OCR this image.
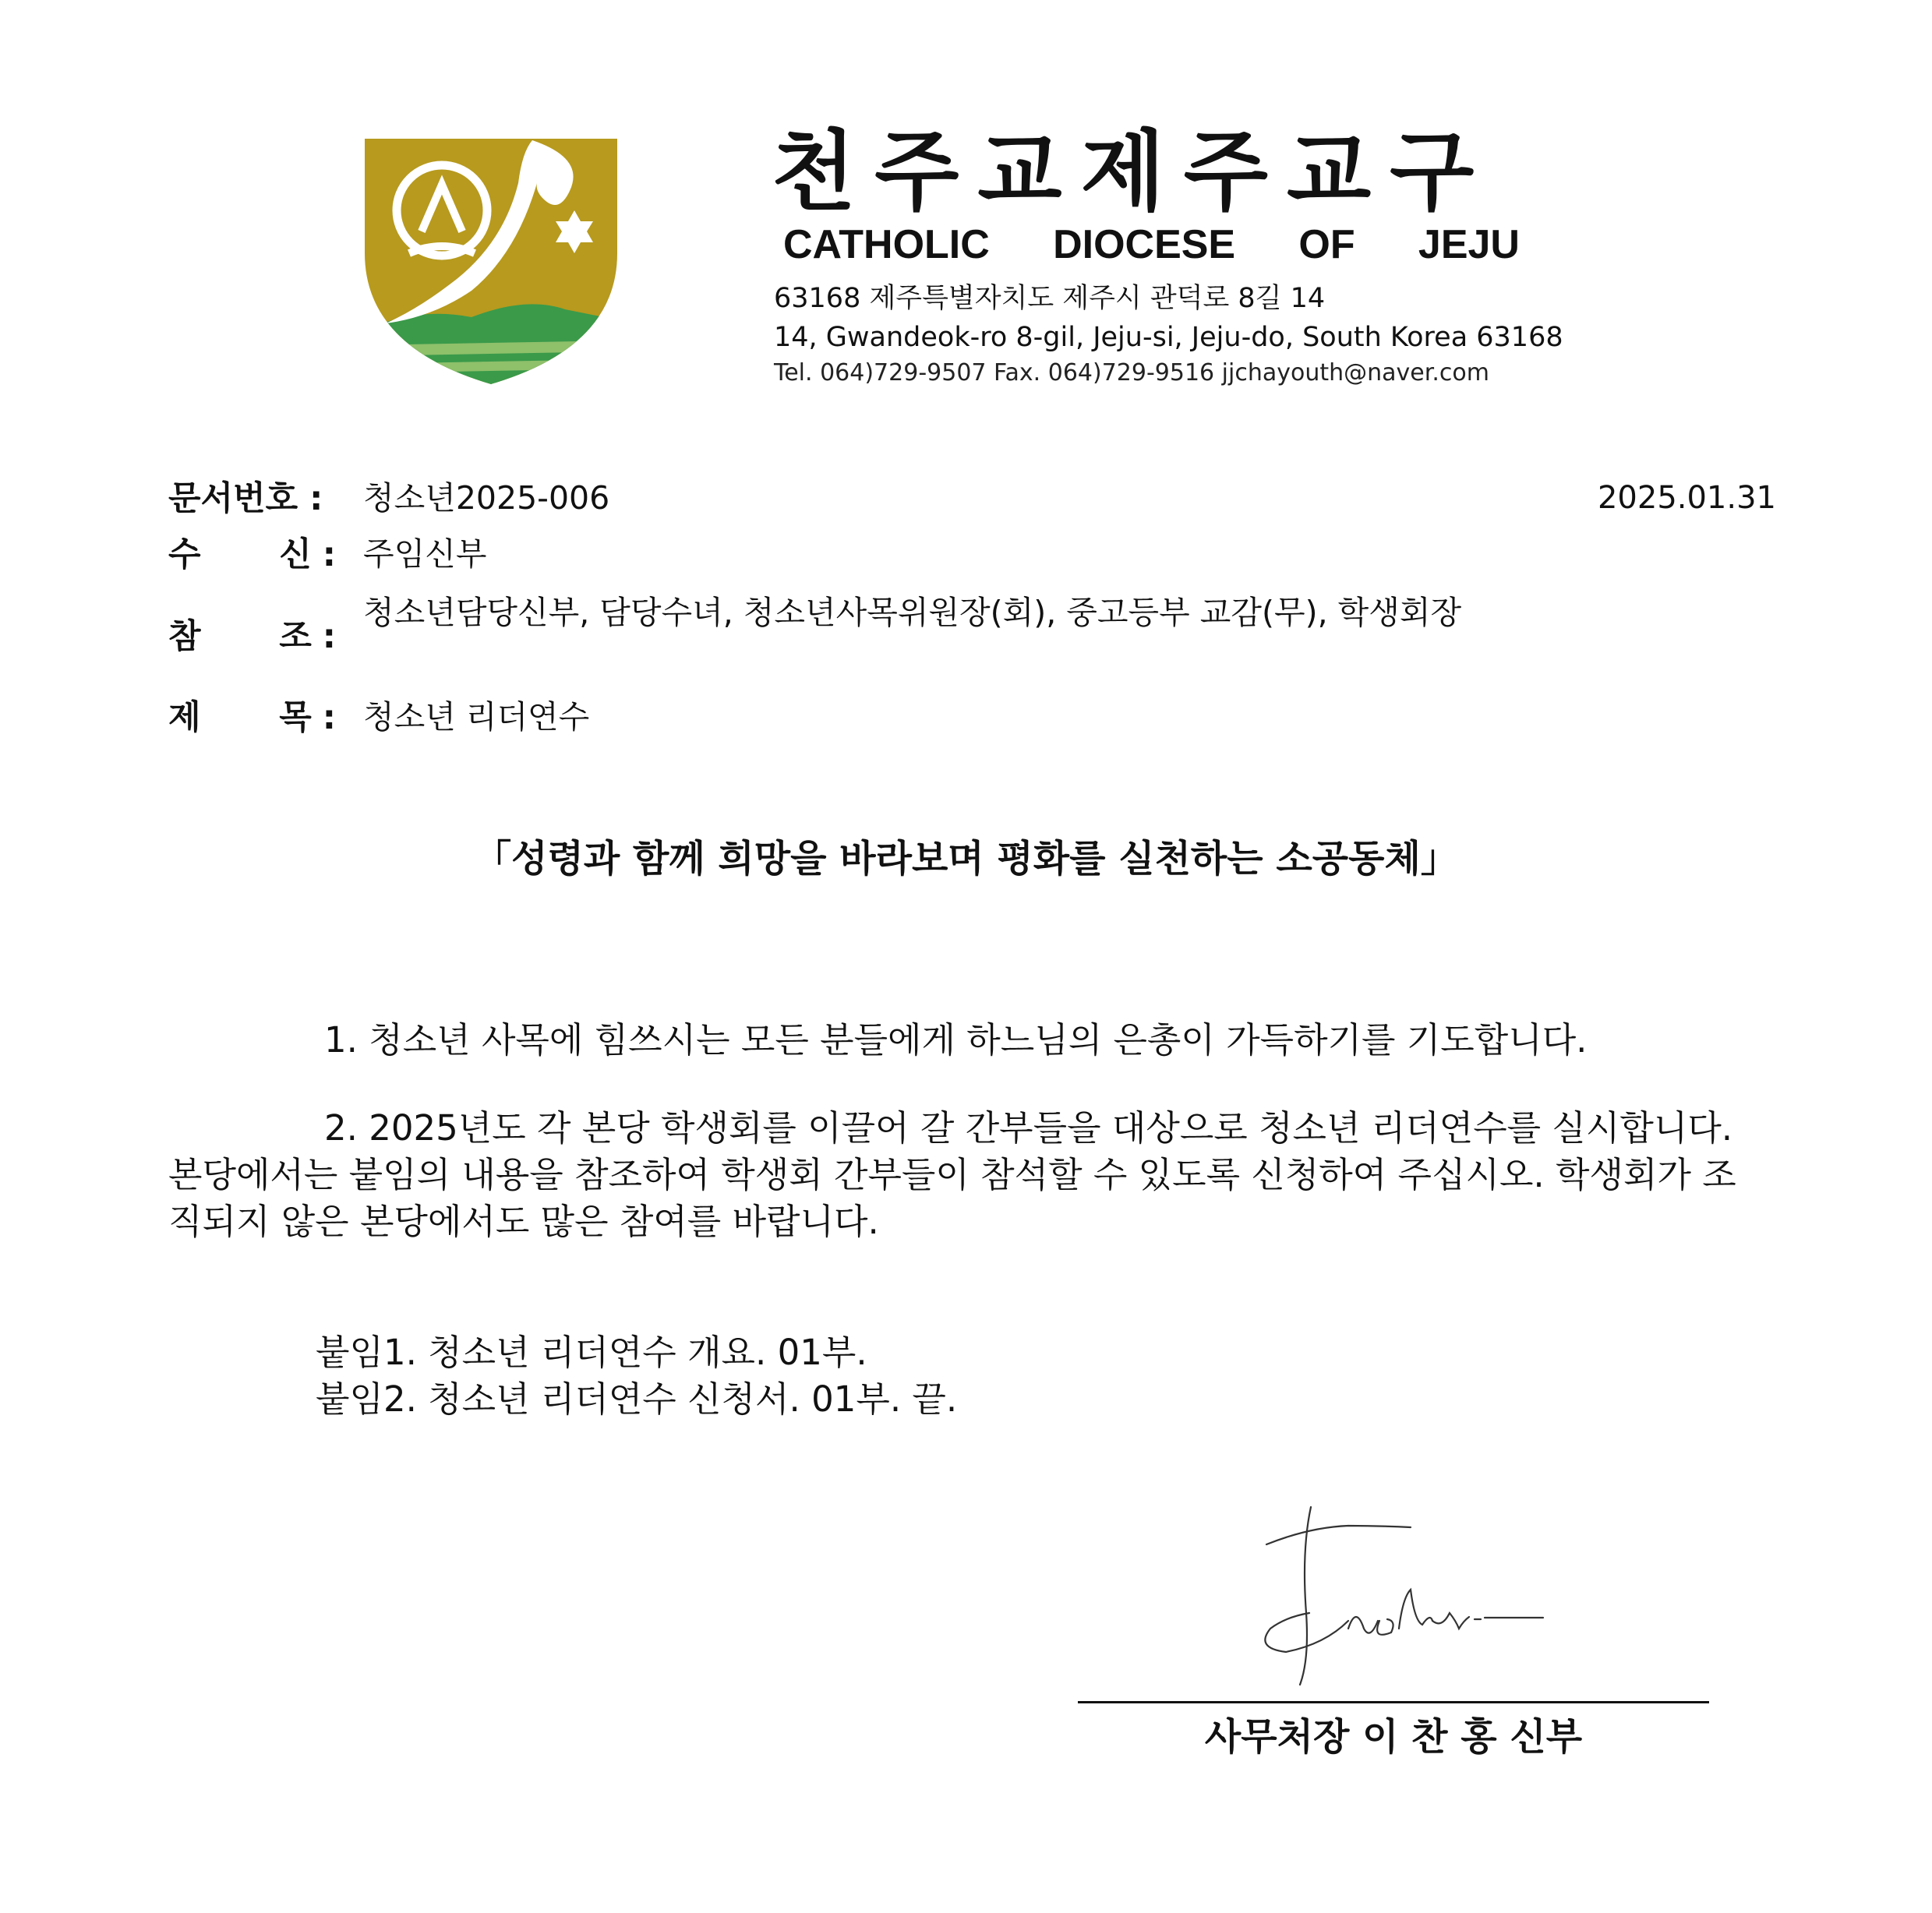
천주교제주교구
CATHOLIC DIOCESE OF JEJU
63168 제주특별자치도 제주시 관덕로 8길 14
14, Gwandeok-ro 8-gil, Jeju-si, Jeju-do, South Korea 63168
Tel. 064)729-9507 Fax. 064)729-9516 jjchayouth@naver.com
문서번호 : 청소년2025-006	2025.01.31
수 신 : 주임신부
참 조 :
청소년담당신부, 담당수녀, 청소년사목위원장(회), 중고등부 교감(무), 학생회장
제 목 : 청소년 리더연수
「성령과 함께 희망을 바라보며 평화를 실천하는 소공동체」
1. 청소년 사목에 힘쓰시는 모든 분들에게 하느님의 은총이 가득하기를 기도합니다.
2. 2025년도 각 본당 학생회를 이끌어 갈 간부들을 대상으로 청소년 리더연수를 실시합니다. 본당에서는 붙임의 내용을 참조하여 학생회 간부들이 참석할 수 있도록 신청하여 주십시오. 학생회가 조직되지 않은 본당에서도 많은 참여를 바랍니다.
붙임1. 청소년 리더연수 개요. 01부.
붙임2. 청소년 리더연수 신청서. 01부. 끝.
사무처장 이 찬 홍 신부
